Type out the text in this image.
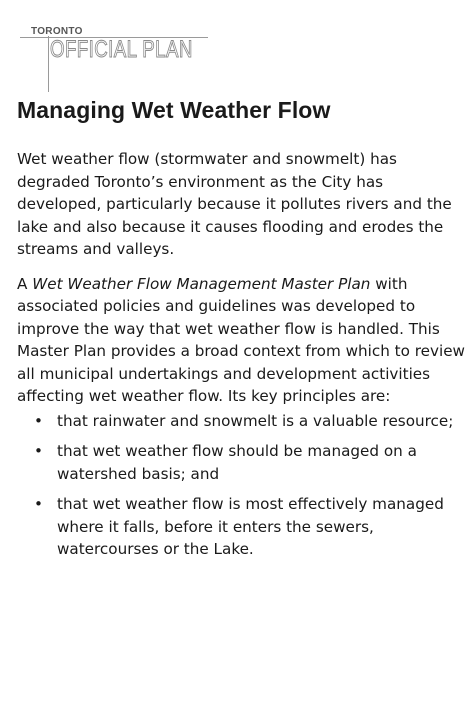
TORONTO
OFFICIAL PLAN
Managing Wet Weather Flow

Wet weather flow (stormwater and snowmelt) has degraded Toronto’s environment as the City has developed, particularly because it pollutes rivers and the lake and also because it causes flooding and erodes the streams and valleys.

A Wet Weather Flow Management Master Plan with associated policies and guidelines was developed to improve the way that wet weather flow is handled. This Master Plan provides a broad context from which to review all municipal undertakings and development activities affecting wet weather flow. Its key principles are:

• that rainwater and snowmelt is a valuable resource;
• that wet weather flow should be managed on a watershed basis; and
• that wet weather flow is most effectively managed where it falls, before it enters the sewers, watercourses or the Lake.
